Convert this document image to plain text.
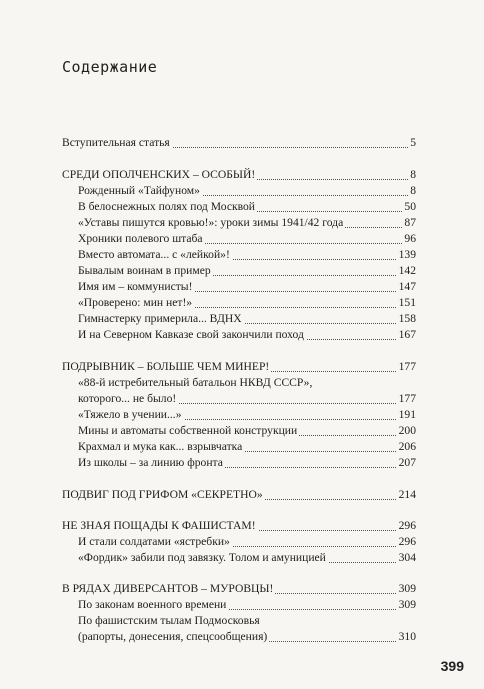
Содержание
Вступительная статья	5
СРЕДИ ОПОЛЧЕНСКИХ – ОСОБЫЙ!	8
Рожденный «Тайфуном»	8
В белоснежных полях под Москвой	50
«Уставы пишутся кровью!»: уроки зимы 1941/42 года	87
Хроники полевого штаба	96
Вместо автомата... с «лейкой»!	139
Бывалым воинам в пример	142
Имя им – коммунисты!	147
«Проверено: мин нет!»	151
Гимнастерку примерила... ВДНХ	158
И на Северном Кавказе свой закончили поход	167
ПОДРЫВНИК – БОЛЬШЕ ЧЕМ МИНЕР!	177
«88-й истребительный батальон НКВД СССР»,
которого... не было!	177
«Тяжело в учении...»	191
Мины и автоматы собственной конструкции	200
Крахмал и мука как... взрывчатка	206
Из школы – за линию фронта	207
ПОДВИГ ПОД ГРИФОМ «СЕКРЕТНО»	214
НЕ ЗНАЯ ПОЩАДЫ К ФАШИСТАМ!	296
И стали солдатами «ястребки»	296
«Фордик» забили под завязку. Толом и амуницией	304
В РЯДАХ ДИВЕРСАНТОВ – МУРОВЦЫ!	309
По законам военного времени	309
По фашистским тылам Подмосковья
(рапорты, донесения, спецсообщения)	310
399
